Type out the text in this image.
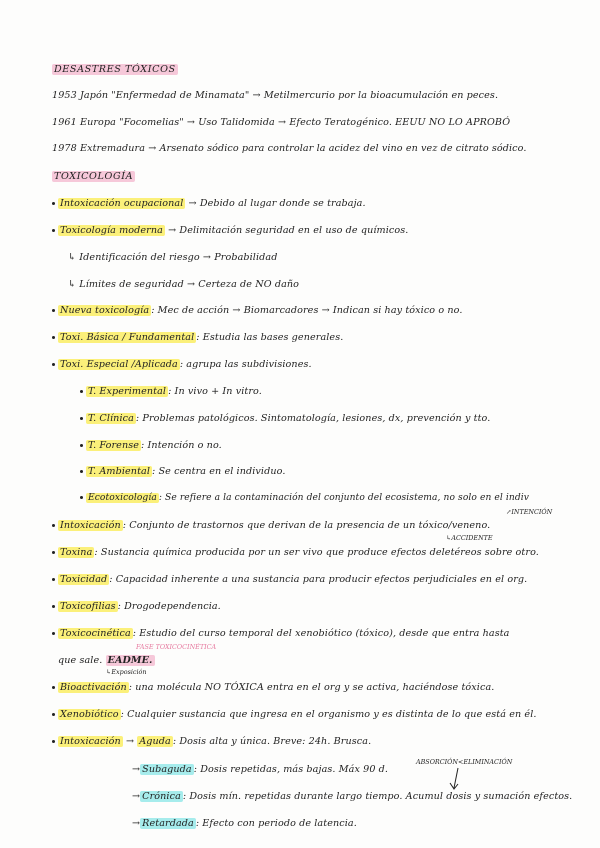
DESASTRES TÓXICOS
1953 Japón "Enfermedad de Minamata" → Metilmercurio por la bioacumulación en peces.
1961 Europa "Focomelias" → Uso Talidomida → Efecto Teratogénico. EEUU NO LO APROBÓ
1978 Extremadura → Arsenato sódico para controlar la acidez del vino en vez de citrato sódico.
TOXICOLOGÍA
Intoxicación ocupacional → Debido al lugar donde se trabaja.
Toxicología moderna → Delimitación seguridad en el uso de químicos.
↳ Identificación del riesgo → Probabilidad
↳ Límites de seguridad → Certeza de NO daño
Nueva toxicología : Mec de acción → Biomarcadores → Indican si hay tóxico o no.
Toxi. Básica / Fundamental : Estudia las bases generales.
Toxi. Especial /Aplicada : agrupa las subdivisiones.
T. Experimental : In vivo + In vitro.
T. Clínica : Problemas patológicos. Sintomatología, lesiones, dx, prevención y tto.
T. Forense : Intención o no.
T. Ambiental : Se centra en el individuo.
Ecotoxicología : Se refiere a la contaminación del conjunto del ecosistema, no solo en el indiv
↗INTENCIÓN
Intoxicación : Conjunto de trastornos que derivan de la presencia de un tóxico/veneno.
↳ACCIDENTE
Toxina : Sustancia química producida por un ser vivo que produce efectos deletéreos sobre otro.
Toxicidad : Capacidad inherente a una sustancia para producir efectos perjudiciales en el org.
Toxicofilias : Drogodependencia.
Toxicocinética : Estudio del curso temporal del xenobiótico (tóxico), desde que entra hasta
FASE TOXICOCINÉTICA
que sale. EADME.
↳Exposición
Bioactivación : una molécula NO TÓXICA entra en el org y se activa, haciéndose tóxica.
Xenobiótico : Cualquier sustancia que ingresa en el organismo y es distinta de lo que está en él.
Intoxicación → Aguda : Dosis alta y única. Breve: 24h. Brusca.
ABSORCIÓN<ELIMINACIÓN
→ Subaguda : Dosis repetidas, más bajas. Máx 90 d.
→ Crónica : Dosis mín. repetidas durante largo tiempo. Acumul dosis y sumación efectos.
→ Retardada : Efecto con periodo de latencia.
